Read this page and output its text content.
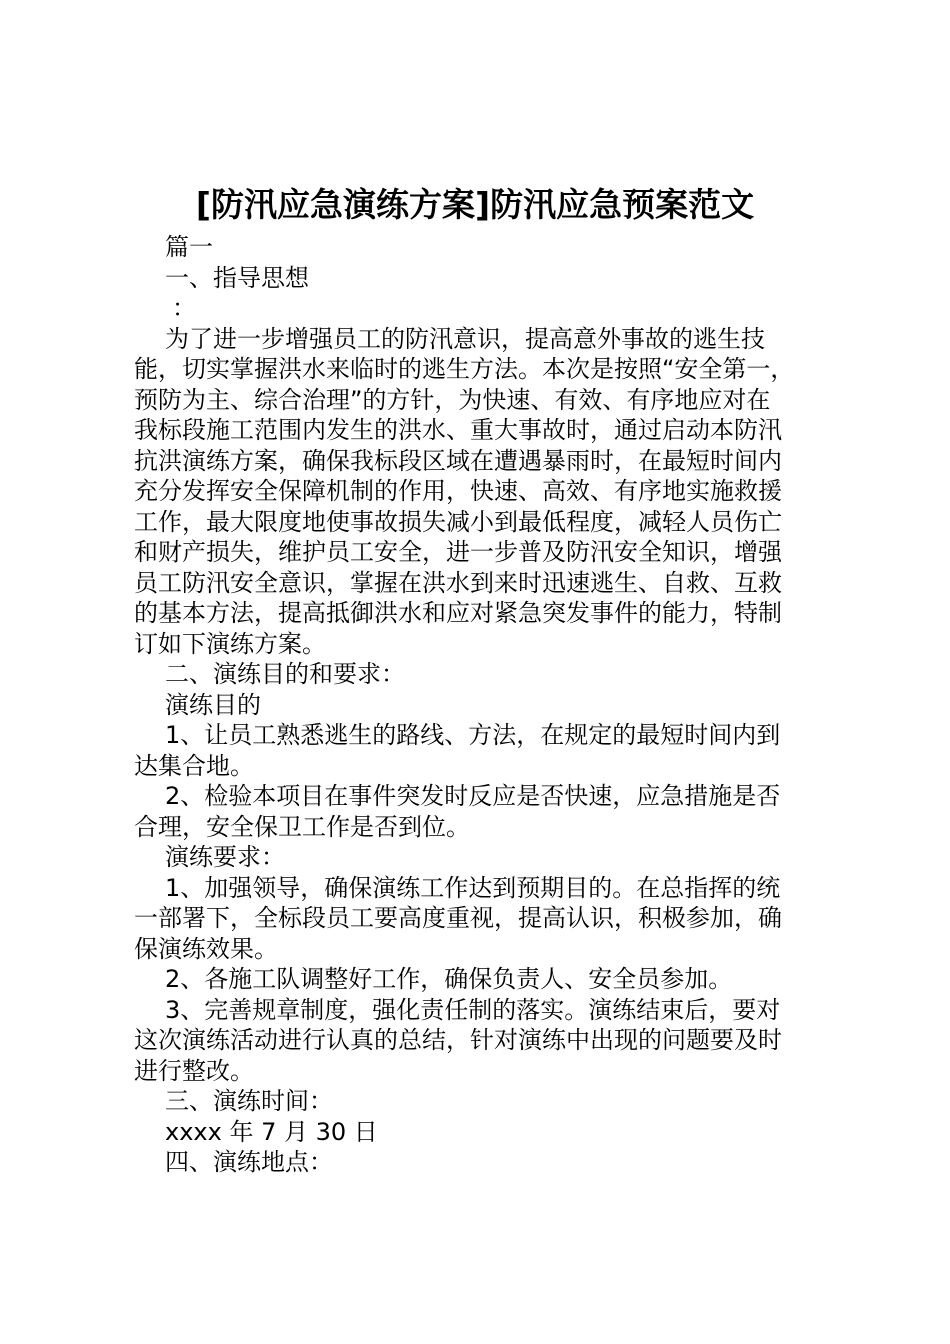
[防汛应急演练方案]防汛应急预案范文
篇一
一、指导思想
：
为了进一步增强员工的防汛意识，提高意外事故的逃生技
能，切实掌握洪水来临时的逃生方法。本次是按照“安全第一，
预防为主、综合治理”的方针，为快速、有效、有序地应对在
我标段施工范围内发生的洪水、重大事故时，通过启动本防汛
抗洪演练方案，确保我标段区域在遭遇暴雨时，在最短时间内
充分发挥安全保障机制的作用，快速、高效、有序地实施救援
工作，最大限度地使事故损失减小到最低程度，减轻人员伤亡
和财产损失，维护员工安全，进一步普及防汛安全知识，增强
员工防汛安全意识，掌握在洪水到来时迅速逃生、自救、互救
的基本方法，提高抵御洪水和应对紧急突发事件的能力，特制
订如下演练方案。
二、演练目的和要求：
演练目的
1、让员工熟悉逃生的路线、方法，在规定的最短时间内到
达集合地。
2、检验本项目在事件突发时反应是否快速，应急措施是否
合理，安全保卫工作是否到位。
演练要求：
1、加强领导，确保演练工作达到预期目的。在总指挥的统
一部署下，全标段员工要高度重视，提高认识，积极参加，确
保演练效果。
2、各施工队调整好工作，确保负责人、安全员参加。
3、完善规章制度，强化责任制的落实。演练结束后，要对
这次演练活动进行认真的总结，针对演练中出现的问题要及时
进行整改。
三、演练时间：
xxxx 年 7 月 30 日
四、演练地点：
